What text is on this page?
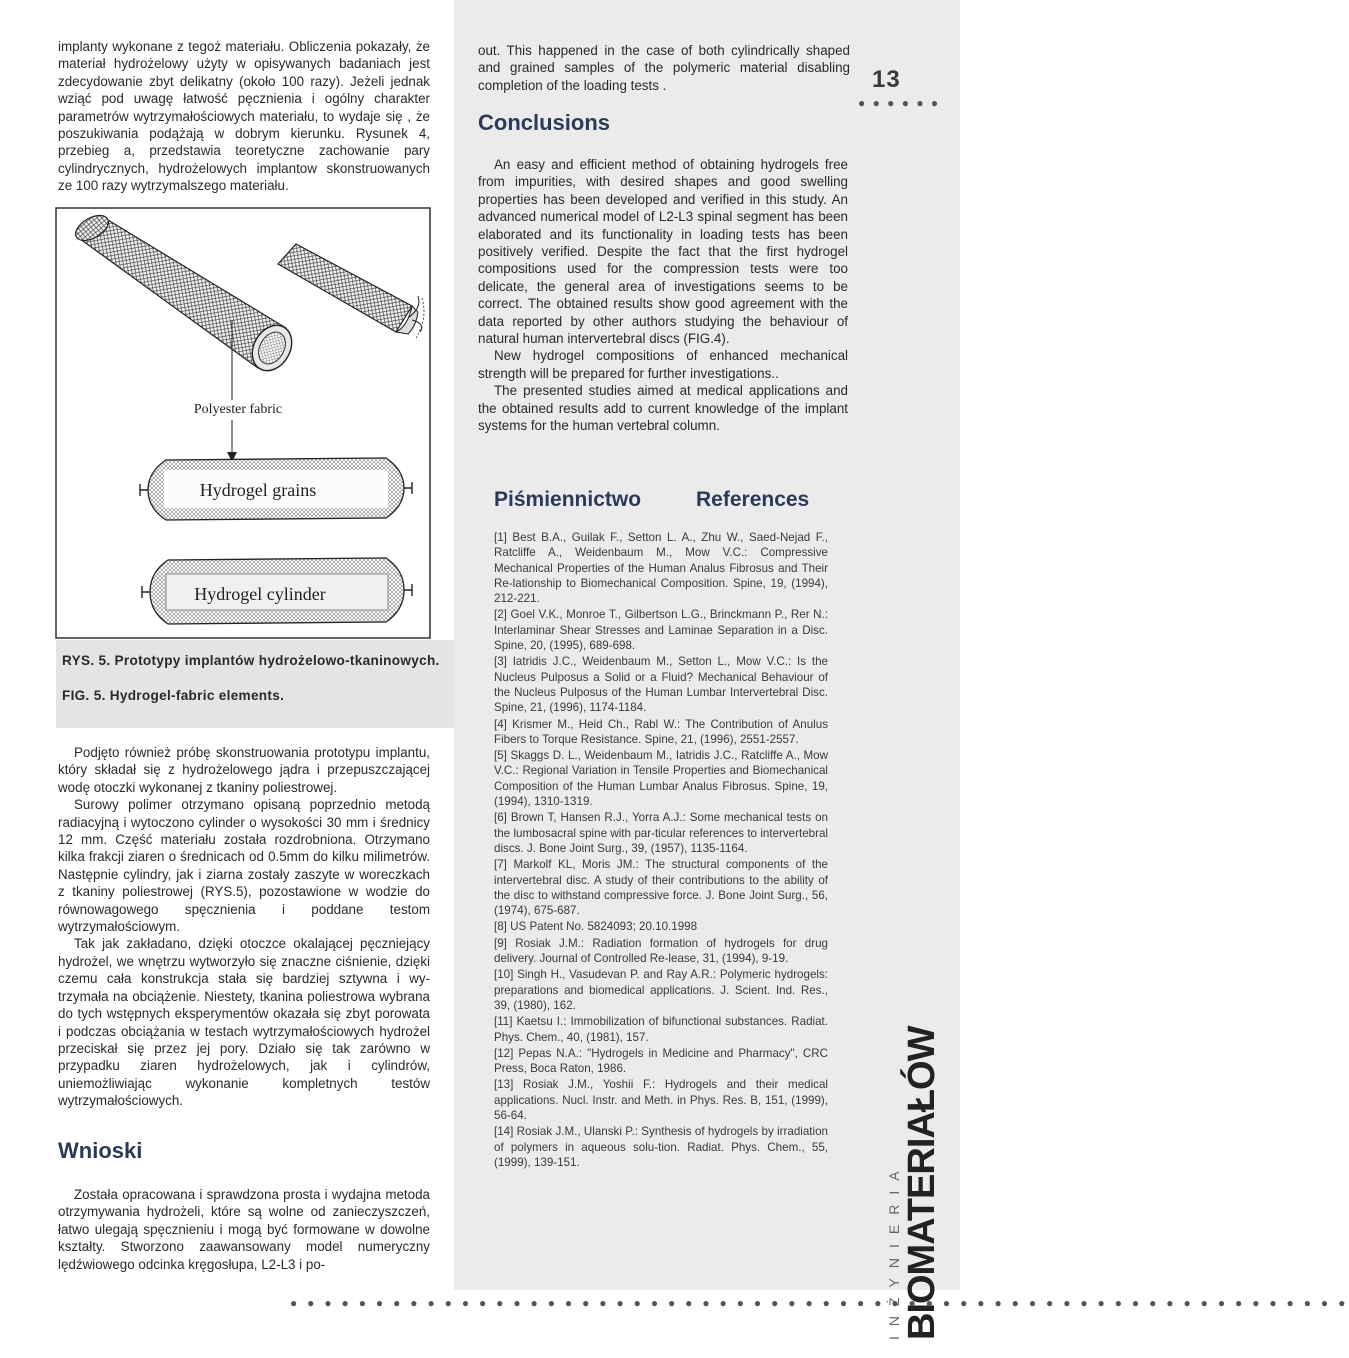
implanty wykonane z tegoż materiału. Obliczenia pokazały, że materiał hydrożelowy użyty w opisywanych badaniach jest zdecydowanie zbyt delikatny (około 100 razy). Jeżeli jednak wziąć pod uwagę łatwość pęcznienia i ogólny charakter parametrów wytrzymałościowych materiału, to wydaje się , że poszukiwania podążają w dobrym kierunku. Rysunek 4, przebieg a, przedstawia teoretyczne zachowanie pary cylindrycznych, hydrożelowych implantow skonstruowanych ze 100 razy wytrzymalszego materiału.

Polyester fabric
Hydrogel grains
Hydrogel cylinder
RYS. 5. Prototypy implantów hydrożelowo-tkaninowych.
FIG. 5. Hydrogel-fabric elements.

Podjęto również próbę skonstruowania prototypu implantu, który składał się z hydrożelowego jądra i przepuszczającej wodę otoczki wykonanej z tkaniny poliestrowej.

Surowy polimer otrzymano opisaną poprzednio metodą radiacyjną i wytoczono cylinder o wysokości 30 mm i średnicy 12 mm. Część materiału została rozdrobniona. Otrzymano kilka frakcji ziaren o średnicach od 0.5mm do kilku milimetrów. Następnie cylindry, jak i ziarna zostały zaszyte w woreczkach z tkaniny poliestrowej (RYS.5), pozostawione w wodzie do równowagowego spęcznienia i poddane testom wytrzymałościowym.

Tak jak zakładano, dzięki otoczce okalającej pęczniejący hydrożel, we wnętrzu wytworzyło się znaczne ciśnienie, dzięki czemu cała konstrukcja stała się bardziej sztywna i wy-trzymała na obciążenie. Niestety, tkanina poliestrowa wybrana do tych wstępnych eksperymentów okazała się zbyt porowata i podczas obciążania w testach wytrzymałościowych hydrożel przeciskał się przez jej pory. Działo się tak zarówno w przypadku ziaren hydrożelowych, jak i cylindrów, uniemożliwiając wykonanie kompletnych testów wytrzymałościowych.

Wnioski

Została opracowana i sprawdzona prosta i wydajna metoda otrzymywania hydrożeli, które są wolne od zanieczyszczeń, łatwo ulegają spęcznieniu i mogą być formowane w dowolne kształty. Stworzono zaawansowany model numeryczny lędźwiowego odcinka kręgosłupa, L2-L3 i po-

out. This happened in the case of both cylindrically shaped and grained samples of the polymeric material disabling completion of the loading tests .	13
● ● ● ● ● ●
Conclusions

An easy and efficient method of obtaining hydrogels free from impurities, with desired shapes and good swelling properties has been developed and verified in this study. An advanced numerical model of L2-L3 spinal segment has been elaborated and its functionality in loading tests has been positively verified. Despite the fact that the first hydrogel compositions used for the compression tests were too delicate, the general area of investigations seems to be correct. The obtained results show good agreement with the data reported by other authors studying the behaviour of natural human intervertebral discs (FIG.4).

New hydrogel compositions of enhanced mechanical strength will be prepared for further investigations..

The presented studies aimed at medical applications and the obtained results add to current knowledge of the implant systems for the human vertebral column.

Piśmiennictwo	References
[1] Best B.A., Guilak F., Setton L. A., Zhu W., Saed-Nejad F., Ratcliffe A., Weidenbaum M., Mow V.C.: Compressive Mechanical Properties of the Human Analus Fibrosus and Their Re-lationship to Biomechanical Composition. Spine, 19, (1994), 212-221.
[2] Goel V.K., Monroe T., Gilbertson L.G., Brinckmann P., Rer N.: Interlaminar Shear Stresses and Laminae Separation in a Disc. Spine, 20, (1995), 689-698.
[3] Iatridis J.C., Weidenbaum M., Setton L., Mow V.C.: Is the Nucleus Pulposus a Solid or a Fluid? Mechanical Behaviour of the Nucleus Pulposus of the Human Lumbar Intervertebral Disc. Spine, 21, (1996), 1174-1184.
[4] Krismer M., Heid Ch., Rabl W.: The Contribution of Anulus Fibers to Torque Resistance. Spine, 21, (1996), 2551-2557.
[5] Skaggs D. L., Weidenbaum M., Iatridis J.C., Ratcliffe A., Mow V.C.: Regional Variation in Tensile Properties and Biomechanical Composition of the Human Lumbar Analus Fibrosus. Spine, 19, (1994), 1310-1319.
[6] Brown T, Hansen R.J., Yorra A.J.: Some mechanical tests on the lumbosacral spine with par-ticular references to intervertebral discs. J. Bone Joint Surg., 39, (1957), 1135-1164.
[7] Markolf KL, Moris JM.: The structural components of the intervertebral disc. A study of their contributions to the ability of the disc to withstand compressive force. J. Bone Joint Surg., 56, (1974), 675-687.
[8] US Patent No. 5824093; 20.10.1998
[9] Rosiak J.M.: Radiation formation of hydrogels for drug delivery. Journal of Controlled Re-lease, 31, (1994), 9-19.
[10] Singh H., Vasudevan P. and Ray A.R.: Polymeric hydrogels: preparations and biomedical applications. J. Scient. Ind. Res., 39, (1980), 162.
[11] Kaetsu I.: Immobilization of bifunctional substances. Radiat. Phys. Chem., 40, (1981), 157.
[12] Pepas N.A.: "Hydrogels in Medicine and Pharmacy", CRC Press, Boca Raton, 1986.
[13] Rosiak J.M., Yoshii F.: Hydrogels and their medical applications. Nucl. Instr. and Meth. in Phys. Res. B, 151, (1999), 56-64.
[14] Rosiak J.M., Ulanski P.: Synthesis of hydrogels by irradiation of polymers in aqueous solu-tion. Radiat. Phys. Chem., 55, (1999), 139-151.	INŻYNIERIA BIOMATERIAŁÓW
● ● ● ● ● ● ● ● ● ● ● ● ● ● ● ● ● ● ● ● ● ● ● ● ● ● ● ● ● ● ● ● ● ● ● ● ● ● ● ● ● ● ● ● ● ● ● ● ● ● ● ● ● ● ● ● ● ● ● ● ● ●
